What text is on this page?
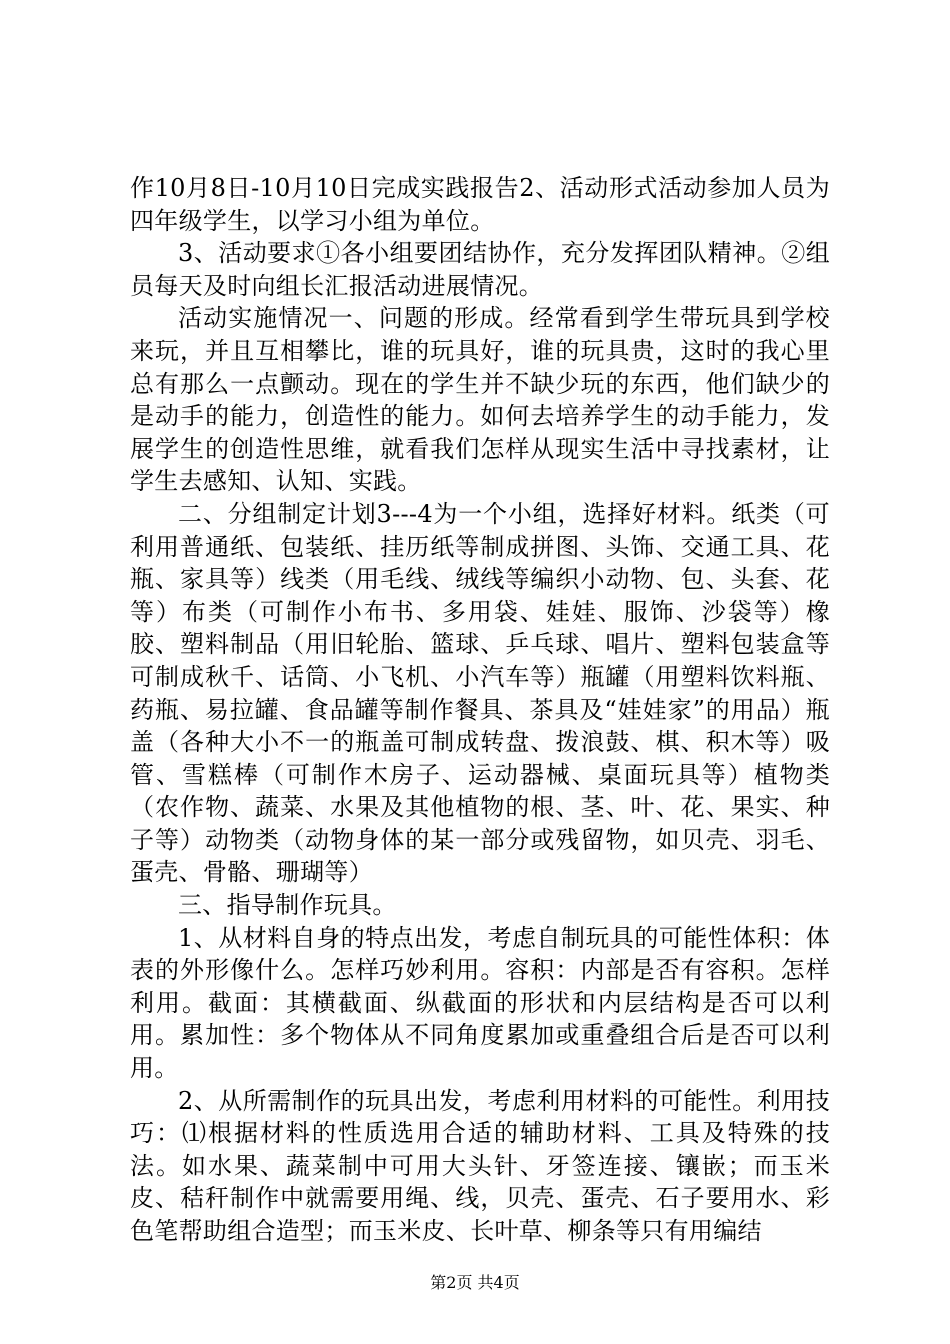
作10月8日-10月10日完成实践报告2、活动形式活动参加人员为四年级学生，以学习小组为单位。

3、活动要求①各小组要团结协作，充分发挥团队精神。②组员每天及时向组长汇报活动进展情况。

活动实施情况一、问题的形成。经常看到学生带玩具到学校来玩，并且互相攀比，谁的玩具好，谁的玩具贵，这时的我心里总有那么一点颤动。现在的学生并不缺少玩的东西，他们缺少的是动手的能力，创造性的能力。如何去培养学生的动手能力，发展学生的创造性思维，就看我们怎样从现实生活中寻找素材，让学生去感知、认知、实践。

二、分组制定计划3---4为一个小组，选择好材料。纸类（可利用普通纸、包装纸、挂历纸等制成拼图、头饰、交通工具、花瓶、家具等）线类（用毛线、绒线等编织小动物、包、头套、花等）布类（可制作小布书、多用袋、娃娃、服饰、沙袋等）橡胶、塑料制品（用旧轮胎、篮球、乒乓球、唱片、塑料包装盒等可制成秋千、话筒、小飞机、小汽车等）瓶罐（用塑料饮料瓶、药瓶、易拉罐、食品罐等制作餐具、茶具及“娃娃家”的用品）瓶盖（各种大小不一的瓶盖可制成转盘、拨浪鼓、棋、积木等）吸管、雪糕棒（可制作木房子、运动器械、桌面玩具等）植物类（农作物、蔬菜、水果及其他植物的根、茎、叶、花、果实、种子等）动物类（动物身体的某一部分或残留物，如贝壳、羽毛、蛋壳、骨骼、珊瑚等）

三、指导制作玩具。

1、从材料自身的特点出发，考虑自制玩具的可能性体积：体表的外形像什么。怎样巧妙利用。容积：内部是否有容积。怎样利用。截面：其横截面、纵截面的形状和内层结构是否可以利用。累加性：多个物体从不同角度累加或重叠组合后是否可以利用。

2、从所需制作的玩具出发，考虑利用材料的可能性。利用技巧：⑴根据材料的性质选用合适的辅助材料、工具及特殊的技法。如水果、蔬菜制中可用大头针、牙签连接、镶嵌；而玉米皮、秸秆制作中就需要用绳、线，贝壳、蛋壳、石子要用水、彩色笔帮助组合造型；而玉米皮、长叶草、柳条等只有用编结

第2页 共4页
